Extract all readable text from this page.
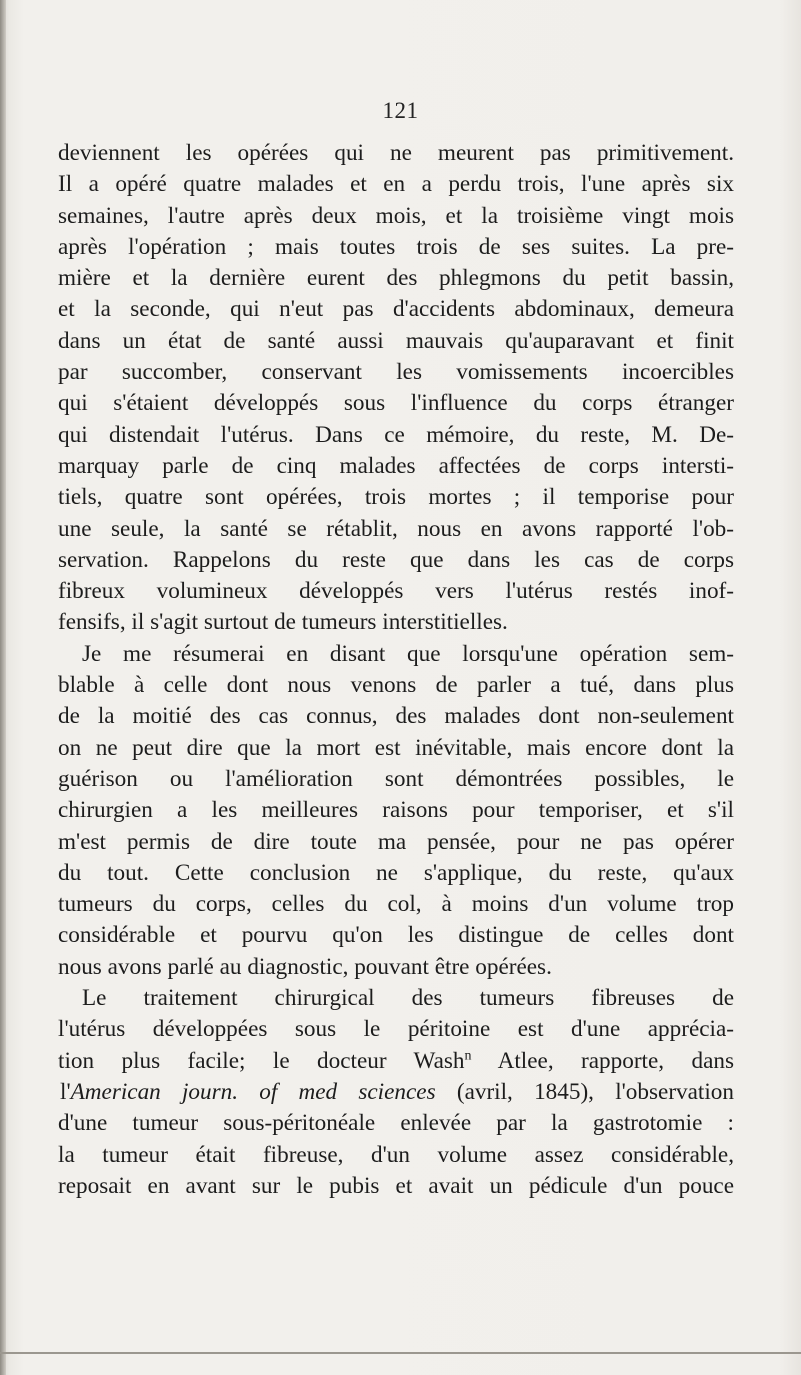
121
deviennent les opérées qui ne meurent pas primitivement.
Il a opéré quatre malades et en a perdu trois, l'une après six
semaines, l'autre après deux mois, et la troisième vingt mois
après l'opération ; mais toutes trois de ses suites. La pre-
mière et la dernière eurent des phlegmons du petit bassin,
et la seconde, qui n'eut pas d'accidents abdominaux, demeura
dans un état de santé aussi mauvais qu'auparavant et finit
par succomber, conservant les vomissements incoercibles
qui s'étaient développés sous l'influence du corps étranger
qui distendait l'utérus. Dans ce mémoire, du reste, M. De-
marquay parle de cinq malades affectées de corps intersti-
tiels, quatre sont opérées, trois mortes ; il temporise pour
une seule, la santé se rétablit, nous en avons rapporté l'ob-
servation. Rappelons du reste que dans les cas de corps
fibreux volumineux développés vers l'utérus restés inof-
fensifs, il s'agit surtout de tumeurs interstitielles.
Je me résumerai en disant que lorsqu'une opération sem-
blable à celle dont nous venons de parler a tué, dans plus
de la moitié des cas connus, des malades dont non-seulement
on ne peut dire que la mort est inévitable, mais encore dont la
guérison ou l'amélioration sont démontrées possibles, le
chirurgien a les meilleures raisons pour temporiser, et s'il
m'est permis de dire toute ma pensée, pour ne pas opérer
du tout. Cette conclusion ne s'applique, du reste, qu'aux
tumeurs du corps, celles du col, à moins d'un volume trop
considérable et pourvu qu'on les distingue de celles dont
nous avons parlé au diagnostic, pouvant être opérées.
Le traitement chirurgical des tumeurs fibreuses de
l'utérus développées sous le péritoine est d'une apprécia-
tion plus facile; le docteur Wash$^n$ Atlee, rapporte, dans
l'American journ. of med sciences (avril, 1845), l'observation
d'une tumeur sous-péritonéale enlevée par la gastrotomie :
la tumeur était fibreuse, d'un volume assez considérable,
reposait en avant sur le pubis et avait un pédicule d'un pouce
